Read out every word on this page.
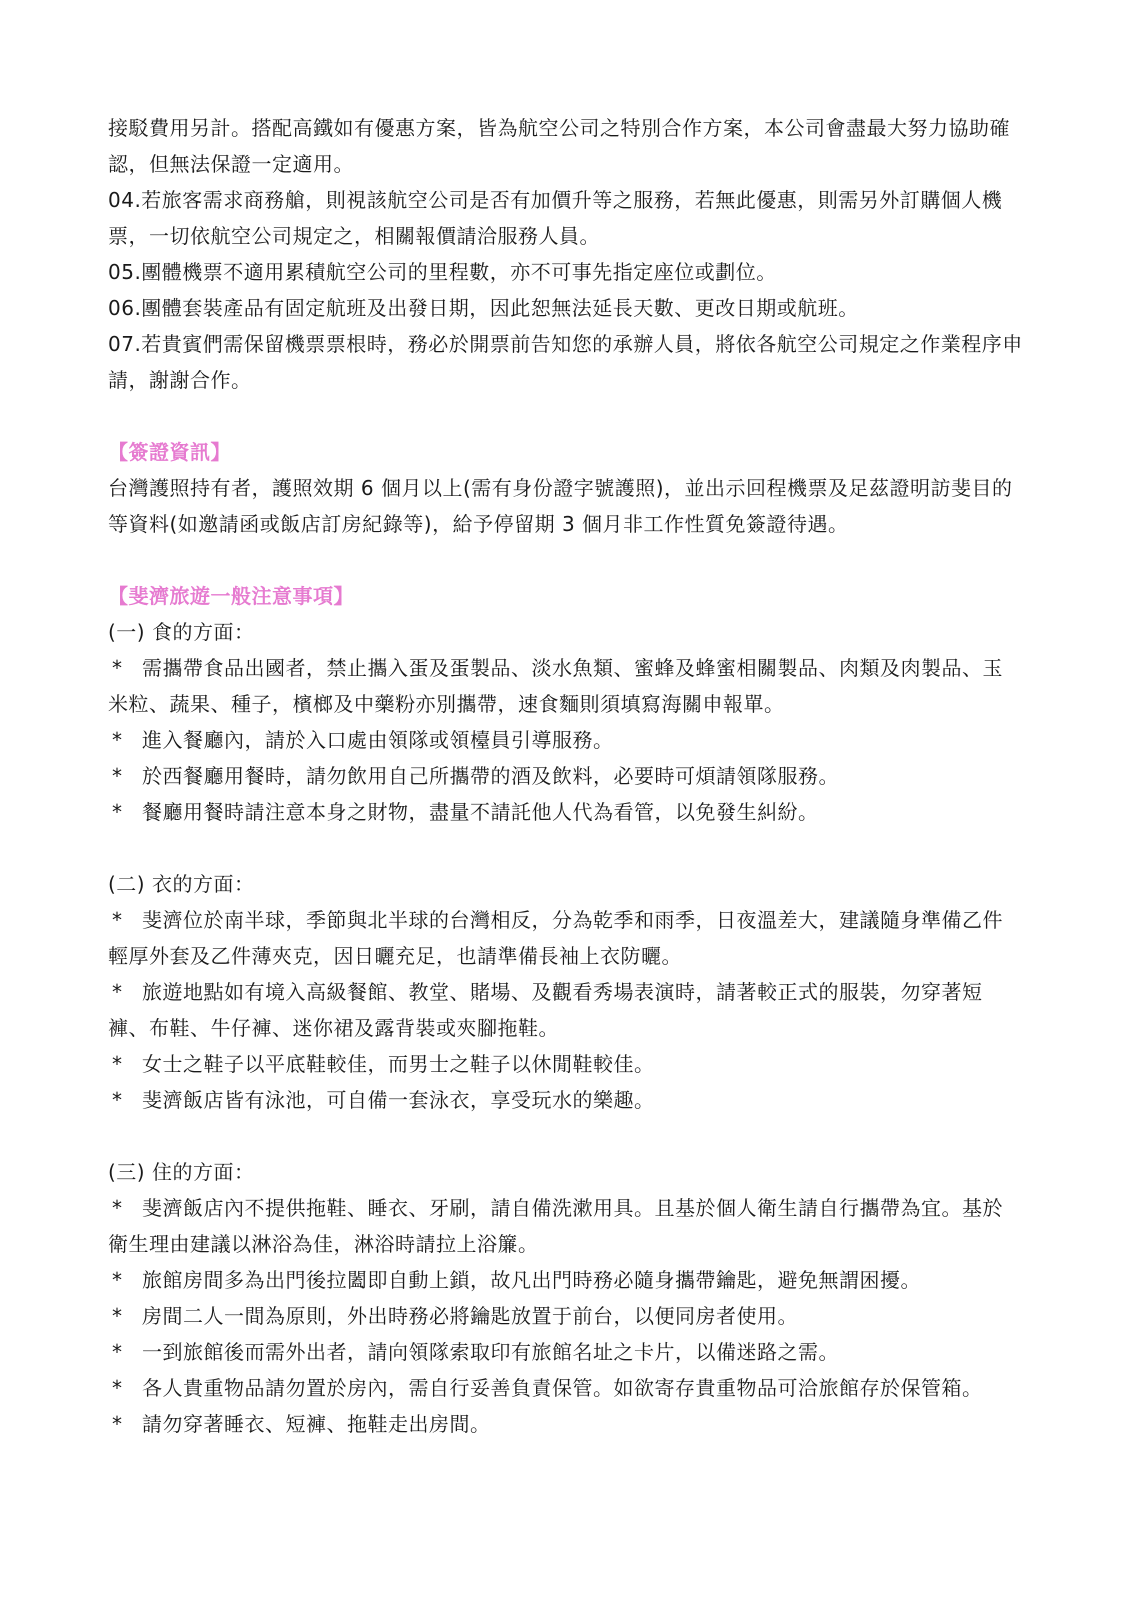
接駁費用另計。搭配高鐵如有優惠方案，皆為航空公司之特別合作方案，本公司會盡最大努力協助確認，但無法保證一定適用。

04.若旅客需求商務艙，則視該航空公司是否有加價升等之服務，若無此優惠，則需另外訂購個人機票，一切依航空公司規定之，相關報價請洽服務人員。

05.團體機票不適用累積航空公司的里程數，亦不可事先指定座位或劃位。

06.團體套裝產品有固定航班及出發日期，因此恕無法延長天數、更改日期或航班。

07.若貴賓們需保留機票票根時，務必於開票前告知您的承辦人員，將依各航空公司規定之作業程序申請，謝謝合作。

【簽證資訊】

台灣護照持有者，護照效期 6 個月以上(需有身份證字號護照)，並出示回程機票及足茲證明訪斐目的等資料(如邀請函或飯店訂房紀錄等)，給予停留期 3 個月非工作性質免簽證待遇。

【斐濟旅遊一般注意事項】

(一) 食的方面：

* 需攜帶食品出國者，禁止攜入蛋及蛋製品、淡水魚類、蜜蜂及蜂蜜相關製品、肉類及肉製品、玉米粒、蔬果、種子，檳榔及中藥粉亦別攜帶，速食麵則須填寫海關申報單。

* 進入餐廳內，請於入口處由領隊或領檯員引導服務。

* 於西餐廳用餐時，請勿飲用自己所攜帶的酒及飲料，必要時可煩請領隊服務。

* 餐廳用餐時請注意本身之財物，盡量不請託他人代為看管，以免發生糾紛。

(二) 衣的方面：

* 斐濟位於南半球，季節與北半球的台灣相反，分為乾季和雨季，日夜溫差大，建議隨身準備乙件輕厚外套及乙件薄夾克，因日曬充足，也請準備長袖上衣防曬。

* 旅遊地點如有境入高級餐館、教堂、賭場、及觀看秀場表演時，請著較正式的服裝，勿穿著短褲、布鞋、牛仔褲、迷你裙及露背裝或夾腳拖鞋。

* 女士之鞋子以平底鞋較佳，而男士之鞋子以休閒鞋較佳。

* 斐濟飯店皆有泳池，可自備一套泳衣，享受玩水的樂趣。

(三) 住的方面：

* 斐濟飯店內不提供拖鞋、睡衣、牙刷，請自備洗漱用具。且基於個人衛生請自行攜帶為宜。基於衛生理由建議以淋浴為佳，淋浴時請拉上浴簾。

* 旅館房間多為出門後拉闔即自動上鎖，故凡出門時務必隨身攜帶鑰匙，避免無謂困擾。

* 房間二人一間為原則，外出時務必將鑰匙放置于前台，以便同房者使用。

* 一到旅館後而需外出者，請向領隊索取印有旅館名址之卡片，以備迷路之需。

* 各人貴重物品請勿置於房內，需自行妥善負責保管。如欲寄存貴重物品可洽旅館存於保管箱。

* 請勿穿著睡衣、短褲、拖鞋走出房間。
